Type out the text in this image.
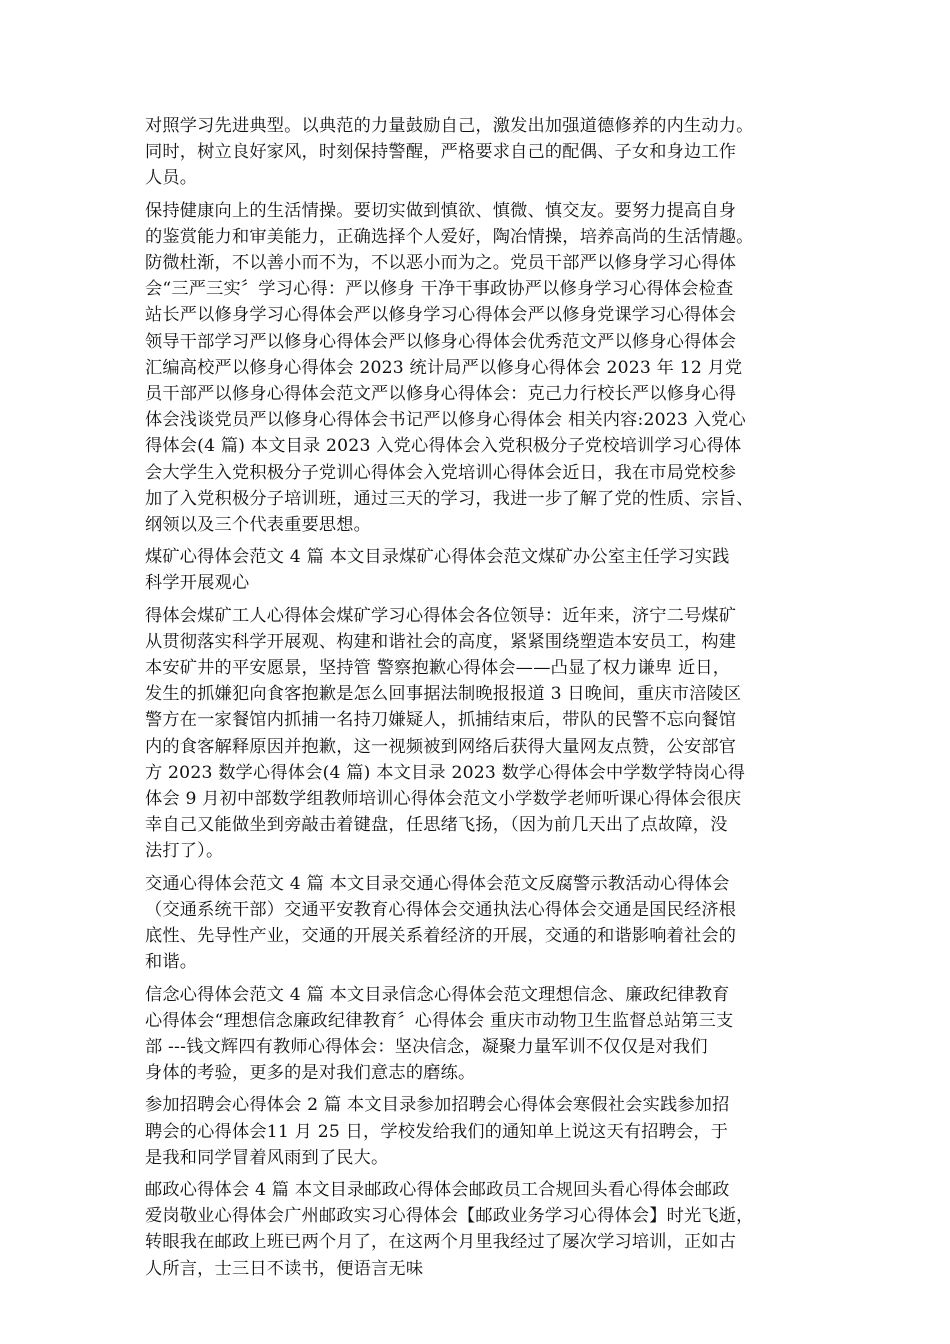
对照学习先进典型。以典范的力量鼓励自己，激发出加强道德修养的内生动力。
同时，树立良好家风，时刻保持警醒，严格要求自己的配偶、子女和身边工作
人员。

保持健康向上的生活情操。要切实做到慎欲、慎微、慎交友。要努力提高自身
的鉴赏能力和审美能力，正确选择个人爱好，陶冶情操，培养高尚的生活情趣。
防微杜渐，不以善小而不为，不以恶小而为之。党员干部严以修身学习心得体
会“三严三实〞学习心得：严以修身 干净干事政协严以修身学习心得体会检查
站长严以修身学习心得体会严以修身学习心得体会严以修身党课学习心得体会
领导干部学习严以修身心得体会严以修身心得体会优秀范文严以修身心得体会
汇编高校严以修身心得体会 2023 统计局严以修身心得体会 2023 年 12 月党
员干部严以修身心得体会范文严以修身心得体会：克己力行校长严以修身心得
体会浅谈党员严以修身心得体会书记严以修身心得体会 相关内容:2023 入党心
得体会(4 篇) 本文目录 2023 入党心得体会入党积极分子党校培训学习心得体
会大学生入党积极分子党训心得体会入党培训心得体会近日，我在市局党校参
加了入党积极分子培训班，通过三天的学习，我进一步了解了党的性质、宗旨、
纲领以及三个代表重要思想。

煤矿心得体会范文 4 篇 本文目录煤矿心得体会范文煤矿办公室主任学习实践
科学开展观心

得体会煤矿工人心得体会煤矿学习心得体会各位领导：近年来，济宁二号煤矿
从贯彻落实科学开展观、构建和谐社会的高度，紧紧围绕塑造本安员工，构建
本安矿井的平安愿景，坚持管 警察抱歉心得体会——凸显了权力谦卑 近日，
发生的抓嫌犯向食客抱歉是怎么回事据法制晚报报道 3 日晚间，重庆市涪陵区
警方在一家餐馆内抓捕一名持刀嫌疑人，抓捕结束后，带队的民警不忘向餐馆
内的食客解释原因并抱歉，这一视频被到网络后获得大量网友点赞，公安部官
方 2023 数学心得体会(4 篇) 本文目录 2023 数学心得体会中学数学特岗心得
体会 9 月初中部数学组教师培训心得体会范文小学数学老师听课心得体会很庆
幸自己又能做坐到旁敲击着键盘，任思绪飞扬，（因为前几天出了点故障，没
法打了）。

交通心得体会范文 4 篇 本文目录交通心得体会范文反腐警示教活动心得体会
（交通系统干部）交通平安教育心得体会交通执法心得体会交通是国民经济根
底性、先导性产业，交通的开展关系着经济的开展，交通的和谐影响着社会的
和谐。

信念心得体会范文 4 篇 本文目录信念心得体会范文理想信念、廉政纪律教育
心得体会“理想信念廉政纪律教育〞心得体会 重庆市动物卫生监督总站第三支
部 ---钱文辉四有教师心得体会：坚决信念，凝聚力量军训不仅仅是对我们
身体的考验，更多的是对我们意志的磨练。

参加招聘会心得体会 2 篇 本文目录参加招聘会心得体会寒假社会实践参加招
聘会的心得体会11 月 25 日，学校发给我们的通知单上说这天有招聘会，于
是我和同学冒着风雨到了民大。

邮政心得体会 4 篇 本文目录邮政心得体会邮政员工合规回头看心得体会邮政
爱岗敬业心得体会广州邮政实习心得体会【邮政业务学习心得体会】时光飞逝，
转眼我在邮政上班已两个月了，在这两个月里我经过了屡次学习培训，正如古
人所言，士三日不读书，便语言无味
